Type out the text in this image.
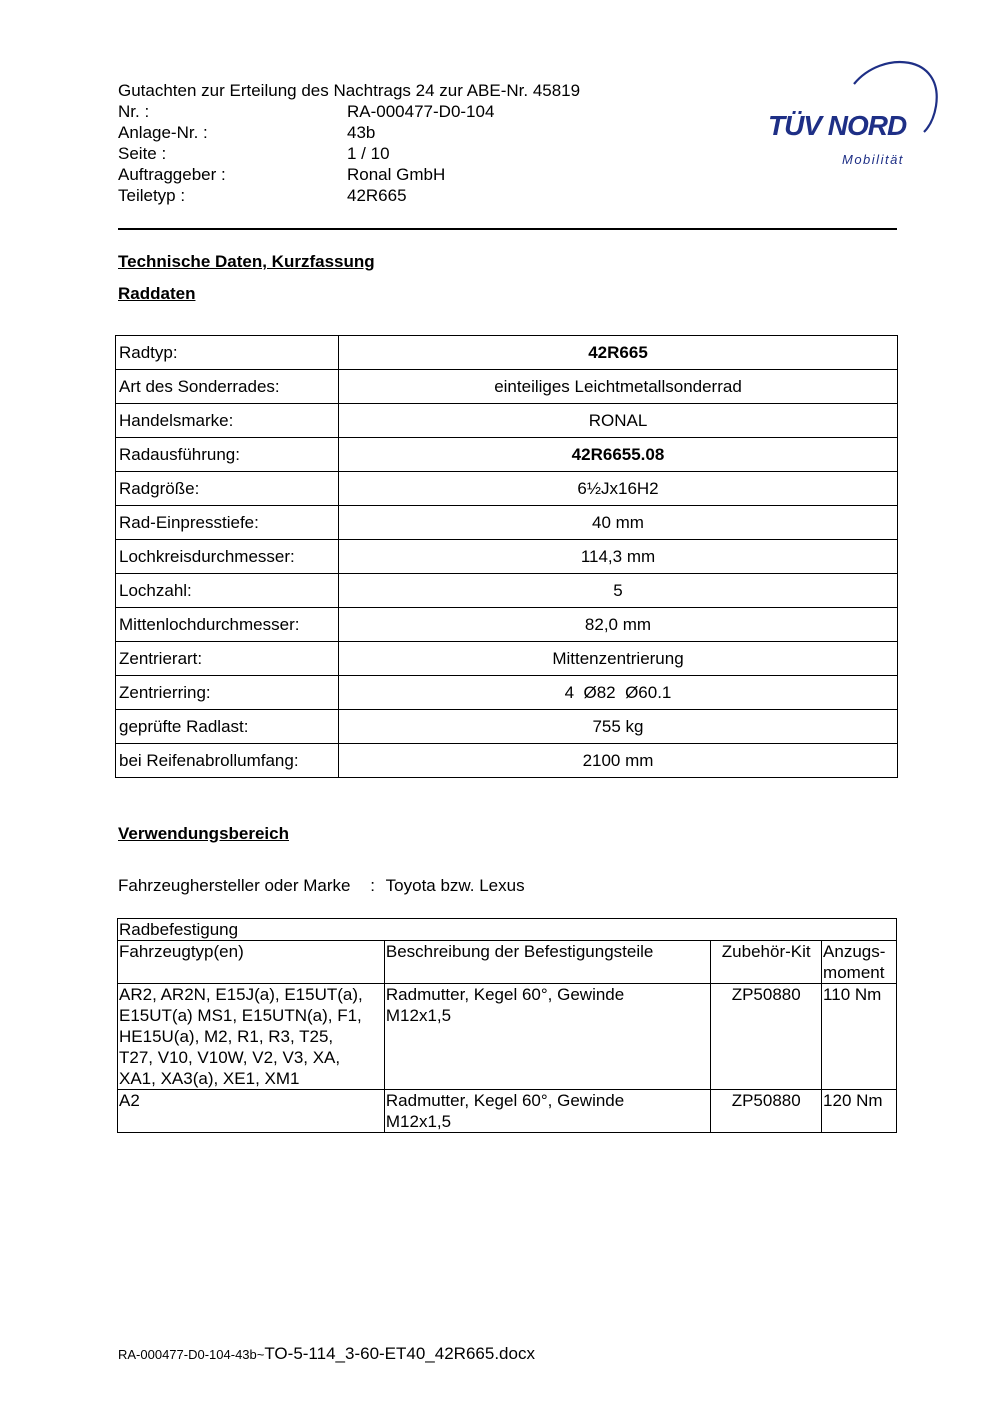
Gutachten zur Erteilung des Nachtrags 24 zur ABE-Nr. 45819
Nr. :	RA-000477-D0-104
Anlage-Nr. :	43b
Seite :	1 / 10
Auftraggeber :	Ronal GmbH
Teiletyp :	42R665
TÜV NORD
Mobilität
Technische Daten, Kurzfassung
Raddaten
Radtyp:	42R665
Art des Sonderrades:	einteiliges Leichtmetallsonderrad
Handelsmarke:	RONAL
Radausführung:	42R6655.08
Radgröße:	6½Jx16H2
Rad-Einpresstiefe:	40 mm
Lochkreisdurchmesser:	114,3 mm
Lochzahl:	5
Mittenlochdurchmesser:	82,0 mm
Zentrierart:	Mittenzentrierung
Zentrierring:	4  Ø82  Ø60.1
geprüfte Radlast:	755 kg
bei Reifenabrollumfang:	2100 mm
Verwendungsbereich
Fahrzeughersteller oder Marke : Toyota bzw. Lexus
Radbefestigung			
Fahrzeugtyp(en)	Beschreibung der Befestigungsteile	Zubehör-Kit	Anzugs-
moment

AR2, AR2N, E15J(a), E15UT(a),
E15UT(a) MS1, E15UTN(a), F1,
HE15U(a), M2, R1, R3, T25,
T27, V10, V10W, V2, V3, XA,
XA1, XA3(a), XE1, XM1	Radmutter, Kegel 60°, Gewinde
M12x1,5	ZP50880	110 Nm

A2	Radmutter, Kegel 60°, Gewinde
M12x1,5	ZP50880	120 Nm
RA-000477-D0-104-43b~TO-5-114_3-60-ET40_42R665.docx
